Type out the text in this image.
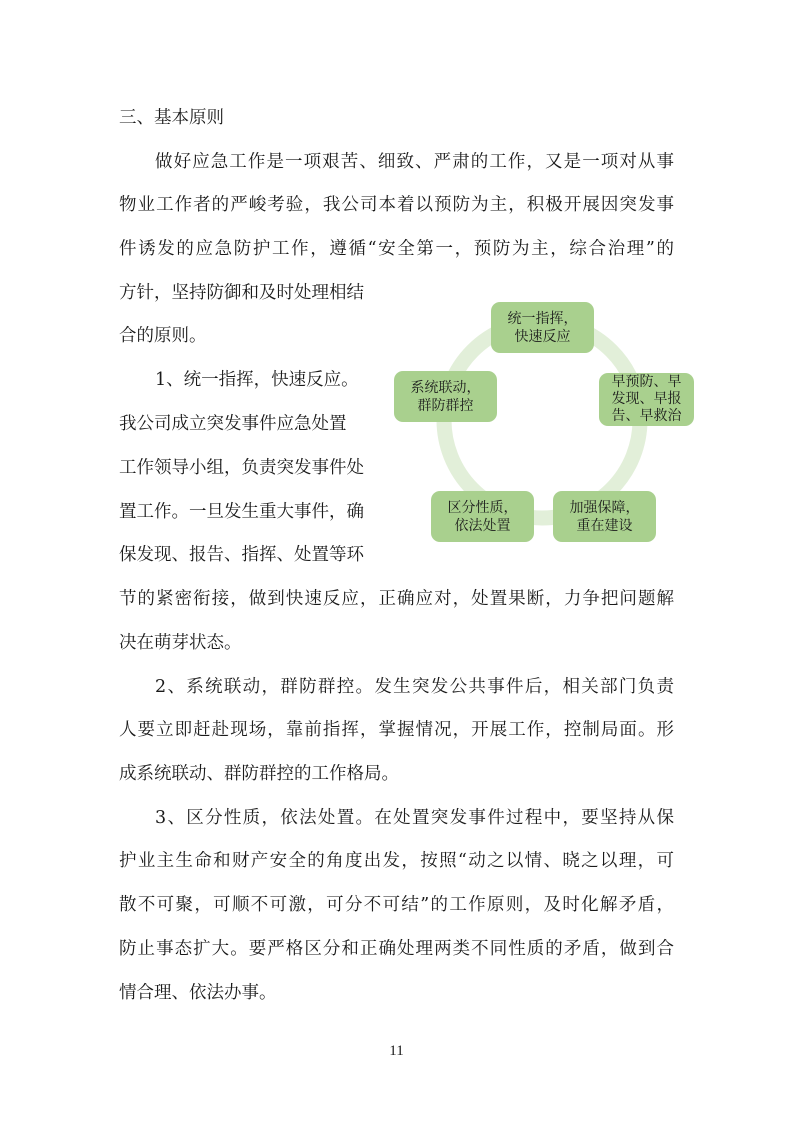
三、基本原则
做好应急工作是一项艰苦、细致、严肃的工作，又是一项对从事
物业工作者的严峻考验，我公司本着以预防为主，积极开展因突发事
件诱发的应急防护工作，遵循“安全第一，预防为主，综合治理”的
方针，坚持防御和及时处理相结
合的原则。
1、统一指挥，快速反应。
我公司成立突发事件应急处置
工作领导小组，负责突发事件处
置工作。一旦发生重大事件，确
保发现、报告、指挥、处置等环
节的紧密衔接，做到快速反应，正确应对，处置果断，力争把问题解
决在萌芽状态。
2、系统联动，群防群控。发生突发公共事件后，相关部门负责
人要立即赶赴现场，靠前指挥，掌握情况，开展工作，控制局面。形
成系统联动、群防群控的工作格局。
3、区分性质，依法处置。在处置突发事件过程中，要坚持从保
护业主生命和财产安全的角度出发，按照“动之以情、晓之以理，可
散不可聚，可顺不可激，可分不可结”的工作原则，及时化解矛盾，
防止事态扩大。要严格区分和正确处理两类不同性质的矛盾，做到合
情合理、依法办事。
统一指挥，
快速反应
早预防、早
发现、早报
告、早救治
加强保障，
重在建设
区分性质，
依法处置
系统联动，
群防群控
11
